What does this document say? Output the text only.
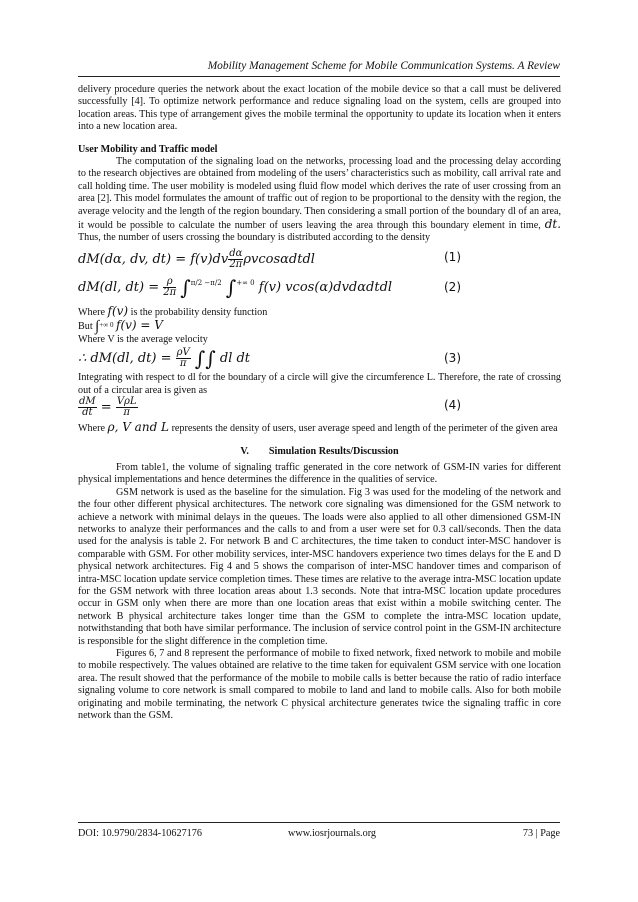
Mobility Management Scheme for Mobile Communication Systems. A Review

delivery procedure queries the network about the exact location of the mobile device so that a call must be delivered successfully [4]. To optimize network performance and reduce signaling load on the system, cells are grouped into location areas. This type of arrangement gives the mobile terminal the opportunity to update its location when it enters into a new location area.

User Mobility and Traffic model

The computation of the signaling load on the networks, processing load and the processing delay according to the research objectives are obtained from modeling of the users’ characteristics such as mobility, call arrival rate and call holding time. The user mobility is modeled using fluid flow model which derives the rate of user crossing from an area [2]. This model formulates the amount of traffic out of region to be proportional to the density with the region, the average velocity and the length of the region boundary. Then considering a small portion of the boundary dl of an area, it would be possible to calculate the number of users leaving the area through this boundary element in time, dt. Thus, the number of users crossing the boundary is distributed according to the density

dM(dα, dv, $dt) = f(v)dv \frac{d\alpha}{2\pi}$ ρvcosαdtdl	(1)
dM(dl, $dt) = \frac{\rho}{2\pi} \int^{\pi/2 -\pi/2}$ ∫$^{+\infty 0}$ f(v) vcos(α)dvdαdtdl	(2)

Where f(v) is the probability density function

But ∫$^{+\infty 0}$ f(v) = V

Where V is the average velocity

∴ dM(dl, $dt) = \frac{\rho V}{\pi}$ ∫∫ dl dt	(3)

Integrating with respect to dl for the boundary of a circle will give the circumference L. Therefore, the rate of crossing out of a circular area is given as

$\frac{dM}{dt} = \frac{\text{VρL}}{\pi}$	(4)

Where ρ, V and L represents the density of users, user average speed and length of the perimeter of the given area

V. Simulation Results/Discussion

From table1, the volume of signaling traffic generated in the core network of GSM-IN varies for different physical implementations and hence determines the difference in the qualities of service.

GSM network is used as the baseline for the simulation. Fig 3 was used for the modeling of the network and the four other different physical architectures. The network core signaling was dimensioned for the GSM network to achieve a network with minimal delays in the queues. The loads were also applied to all other dimensioned GSM-IN networks to analyze their performances and the calls to and from a user were set for 0.3 call/seconds. Then the data used for the analysis is table 2. For network B and C architectures, the time taken to conduct inter-MSC handover is comparable with GSM. For other mobility services, inter-MSC handovers experience two times delays for the E and D physical network architectures. Fig 4 and 5 shows the comparison of inter-MSC handover times and comparison of intra-MSC location update service completion times. These times are relative to the average intra-MSC location update for the GSM network with three location areas about 1.3 seconds. Note that intra-MSC location update procedures occur in GSM only when there are more than one location areas that exist within a mobile switching center. The network B physical architecture takes longer time than the GSM to complete the intra-MSC location update, notwithstanding that both have similar performance. The inclusion of service control point in the GSM-IN architecture is responsible for the slight difference in the completion time.

Figures 6, 7 and 8 represent the performance of mobile to fixed network, fixed network to mobile and mobile to mobile respectively. The values obtained are relative to the time taken for equivalent GSM service with one location area. The result showed that the performance of the mobile to mobile calls is better because the ratio of radio interface signaling volume to core network is small compared to mobile to land and land to mobile calls. Also for both mobile originating and mobile terminating, the network C physical architecture generates twice the signaling traffic in core network than the GSM.

DOI: 10.9790/2834-10627176	www.iosrjournals.org	73 | Page
